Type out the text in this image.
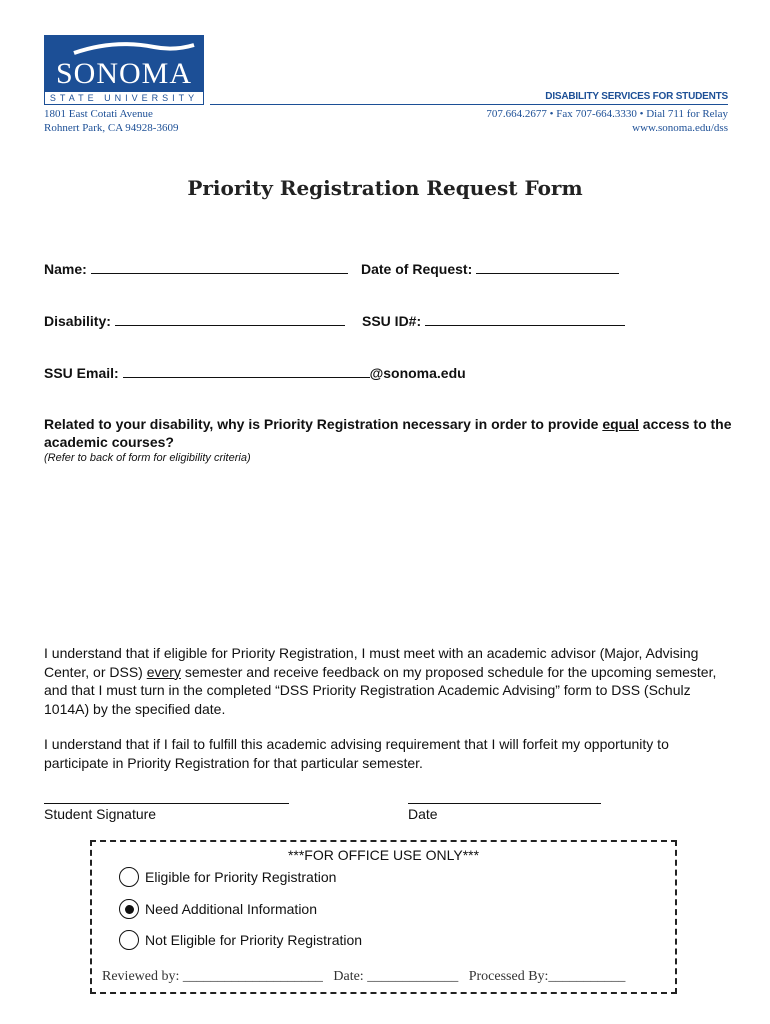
SONOMA
STATE UNIVERSITY	DISABILITY SERVICES FOR STUDENTS
1801 East Cotati Avenue
Rohnert Park, CA 94928-3609
707.664.2677 • Fax 707-664.3330 • Dial 711 for Relay
www.sonoma.edu/dss
Priority Registration Request Form
Name:	Date of Request:
Disability:	SSU ID#:
SSU Email:	@sonoma.edu
Related to your disability, why is Priority Registration necessary in order to provide equal access to the academic courses?
(Refer to back of form for eligibility criteria)
I understand that if eligible for Priority Registration, I must meet with an academic advisor (Major, Advising Center, or DSS) every semester and receive feedback on my proposed schedule for the upcoming semester, and that I must turn in the completed “DSS Priority Registration Academic Advising” form to DSS (Schulz 1014A) by the specified date.
I understand that if I fail to fulfill this academic advising requirement that I will forfeit my opportunity to participate in Priority Registration for that particular semester.
Student Signature	Date
***FOR OFFICE USE ONLY***
Eligible for Priority Registration
Need Additional Information
Not Eligible for Priority Registration
Reviewed by: ____________________ Date: _____________ Processed By:___________
